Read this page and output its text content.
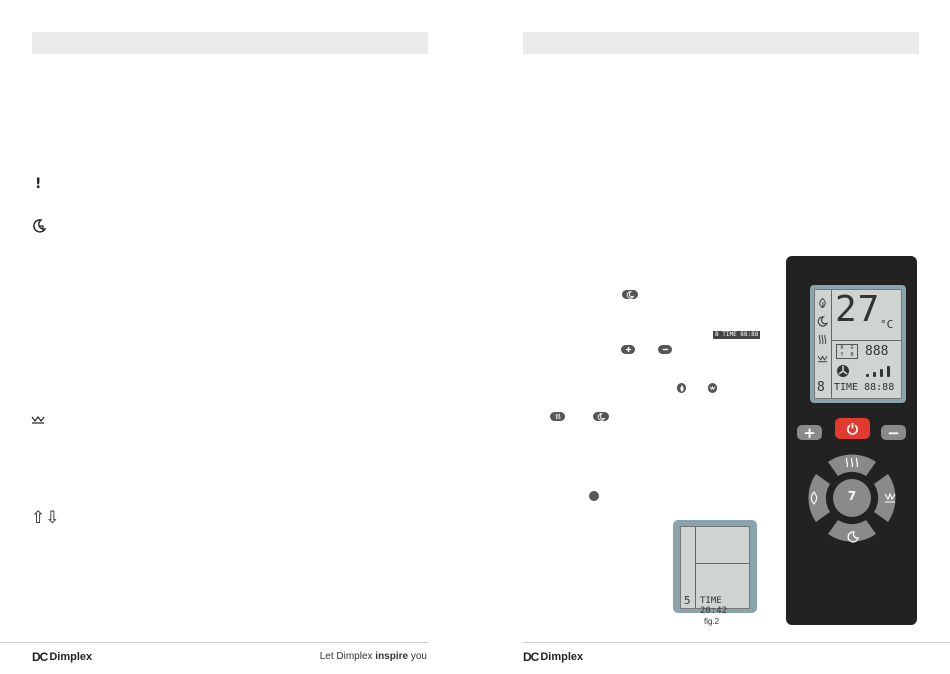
!
⇧ ⇩
DC Dimplex	Let Dimplex inspire you
8 TIME 88:88
8
27 °C
R	G
Y	B 888
TIME 88:88
+	−
7
5 TIME 20:42
fig.2
DC Dimplex
